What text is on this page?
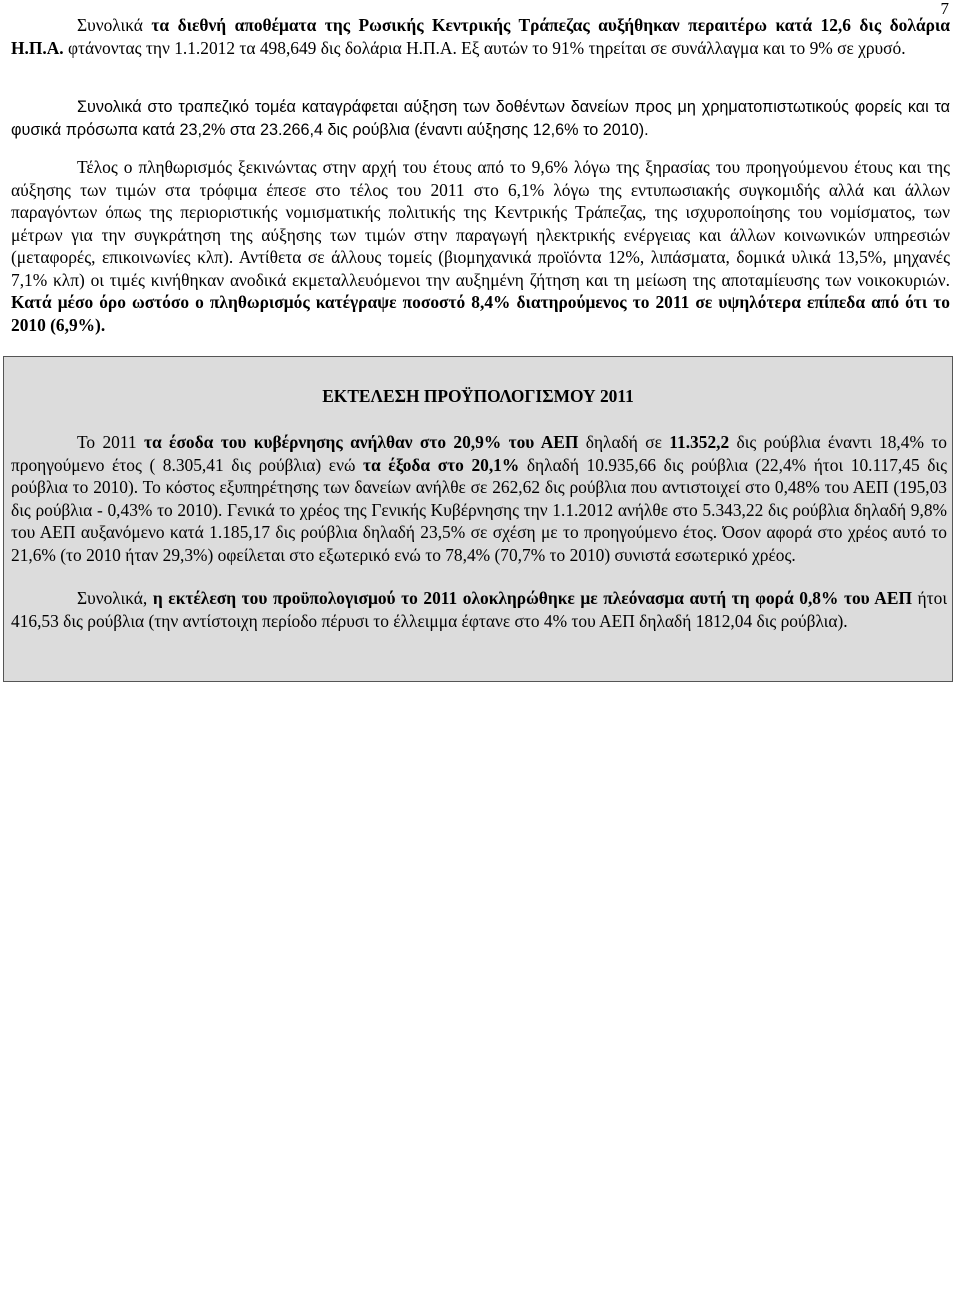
7

Συνολικά τα διεθνή αποθέματα της Ρωσικής Κεντρικής Τράπεζας αυξήθηκαν περαιτέρω κατά 12,6 δις δολάρια Η.Π.Α. φτάνοντας την 1.1.2012 τα 498,649 δις δολάρια Η.Π.Α. Εξ αυτών το 91% τηρείται σε συνάλλαγμα και το 9% σε χρυσό.

Συνολικά στο τραπεζικό τομέα καταγράφεται αύξηση των δοθέντων δανείων προς μη χρηματοπιστωτικούς φορείς και τα φυσικά πρόσωπα κατά 23,2% στα 23.266,4 δις ρούβλια (έναντι αύξησης 12,6% το 2010).

Τέλος ο πληθωρισμός ξεκινώντας στην αρχή του έτους από το 9,6% λόγω της ξηρασίας του προηγούμενου έτους και της αύξησης των τιμών στα τρόφιμα έπεσε στο τέλος του 2011 στο 6,1% λόγω της εντυπωσιακής συγκομιδής αλλά και άλλων παραγόντων όπως της περιοριστικής νομισματικής πολιτικής της Κεντρικής Τράπεζας, της ισχυροποίησης του νομίσματος, των μέτρων για την συγκράτηση της αύξησης των τιμών στην παραγωγή ηλεκτρικής ενέργειας και άλλων κοινωνικών υπηρεσιών (μεταφορές, επικοινωνίες κλπ). Αντίθετα σε άλλους τομείς (βιομηχανικά προϊόντα 12%, λιπάσματα, δομικά υλικά 13,5%, μηχανές 7,1% κλπ) οι τιμές κινήθηκαν ανοδικά εκμεταλλευόμενοι την αυξημένη ζήτηση και τη μείωση της αποταμίευσης των νοικοκυριών. Κατά μέσο όρο ωστόσο ο πληθωρισμός κατέγραψε ποσοστό 8,4% διατηρούμενος το 2011 σε υψηλότερα επίπεδα από ότι το 2010 (6,9%).

ΕΚΤΕΛΕΣΗ ΠΡΟΫΠΟΛΟΓΙΣΜΟΥ 2011

Το 2011 τα έσοδα του κυβέρνησης ανήλθαν στο 20,9% του ΑΕΠ δηλαδή σε 11.352,2 δις ρούβλια έναντι 18,4% το προηγούμενο έτος ( 8.305,41 δις ρούβλια) ενώ τα έξοδα στο 20,1% δηλαδή 10.935,66 δις ρούβλια (22,4% ήτοι 10.117,45 δις ρούβλια το 2010). Το κόστος εξυπηρέτησης των δανείων ανήλθε σε 262,62 δις ρούβλια που αντιστοιχεί στο 0,48% του ΑΕΠ (195,03 δις ρούβλια - 0,43% το 2010). Γενικά το χρέος της Γενικής Κυβέρνησης την 1.1.2012 ανήλθε στο 5.343,22 δις ρούβλια δηλαδή 9,8% του ΑΕΠ αυξανόμενο κατά 1.185,17 δις ρούβλια δηλαδή 23,5% σε σχέση με το προηγούμενο έτος. Όσον αφορά στο χρέος αυτό το 21,6% (το 2010 ήταν 29,3%) οφείλεται στο εξωτερικό ενώ το 78,4% (70,7% το 2010) συνιστά εσωτερικό χρέος.

Συνολικά, η εκτέλεση του προϋπολογισμού το 2011 ολοκληρώθηκε με πλεόνασμα αυτή τη φορά 0,8% του ΑΕΠ ήτοι 416,53 δις ρούβλια (την αντίστοιχη περίοδο πέρυσι το έλλειμμα έφτανε στο 4% του ΑΕΠ δηλαδή 1812,04 δις ρούβλια).
